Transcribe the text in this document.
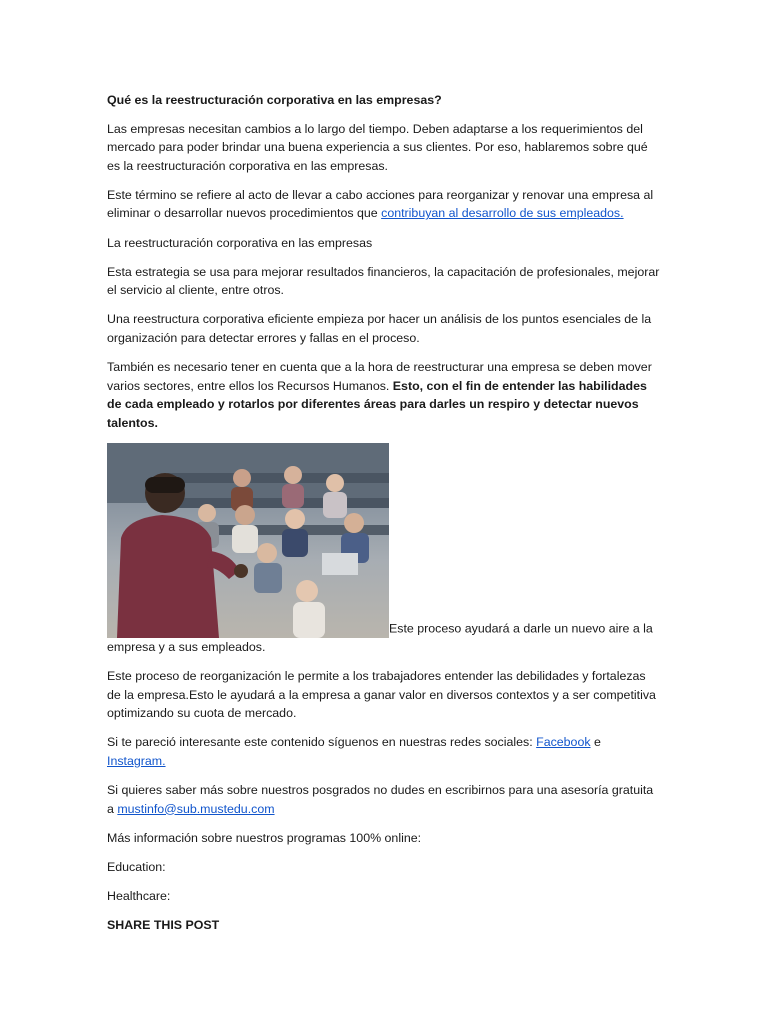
Qué es la reestructuración corporativa en las empresas?

Las empresas necesitan cambios a lo largo del tiempo. Deben adaptarse a los requerimientos del mercado para poder brindar una buena experiencia a sus clientes. Por eso, hablaremos sobre qué es la reestructuración corporativa en las empresas.

Este término se refiere al acto de llevar a cabo acciones para reorganizar y renovar una empresa al eliminar o desarrollar nuevos procedimientos que contribuyan al desarrollo de sus empleados.

La reestructuración corporativa en las empresas

Esta estrategia se usa para mejorar resultados financieros, la capacitación de profesionales, mejorar el servicio al cliente, entre otros.

Una reestructura corporativa eficiente empieza por hacer un análisis de los puntos esenciales de la organización para detectar errores y fallas en el proceso.

También es necesario tener en cuenta que a la hora de reestructurar una empresa se deben mover varios sectores, entre ellos los Recursos Humanos. Esto, con el fin de entender las habilidades de cada empleado y rotarlos por diferentes áreas para darles un respiro y detectar nuevos talentos.

Este proceso ayudará a darle un nuevo aire a la empresa y a sus empleados.

Este proceso de reorganización le permite a los trabajadores entender las debilidades y fortalezas de la empresa.Esto le ayudará a la empresa a ganar valor en diversos contextos y a ser competitiva optimizando su cuota de mercado.

Si te pareció interesante este contenido síguenos en nuestras redes sociales: Facebook e Instagram.

Si quieres saber más sobre nuestros posgrados no dudes en escribirnos para una asesoría gratuita a mustinfo@sub.mustedu.com

Más información sobre nuestros programas 100% online:

Education:

Healthcare:

SHARE THIS POST
